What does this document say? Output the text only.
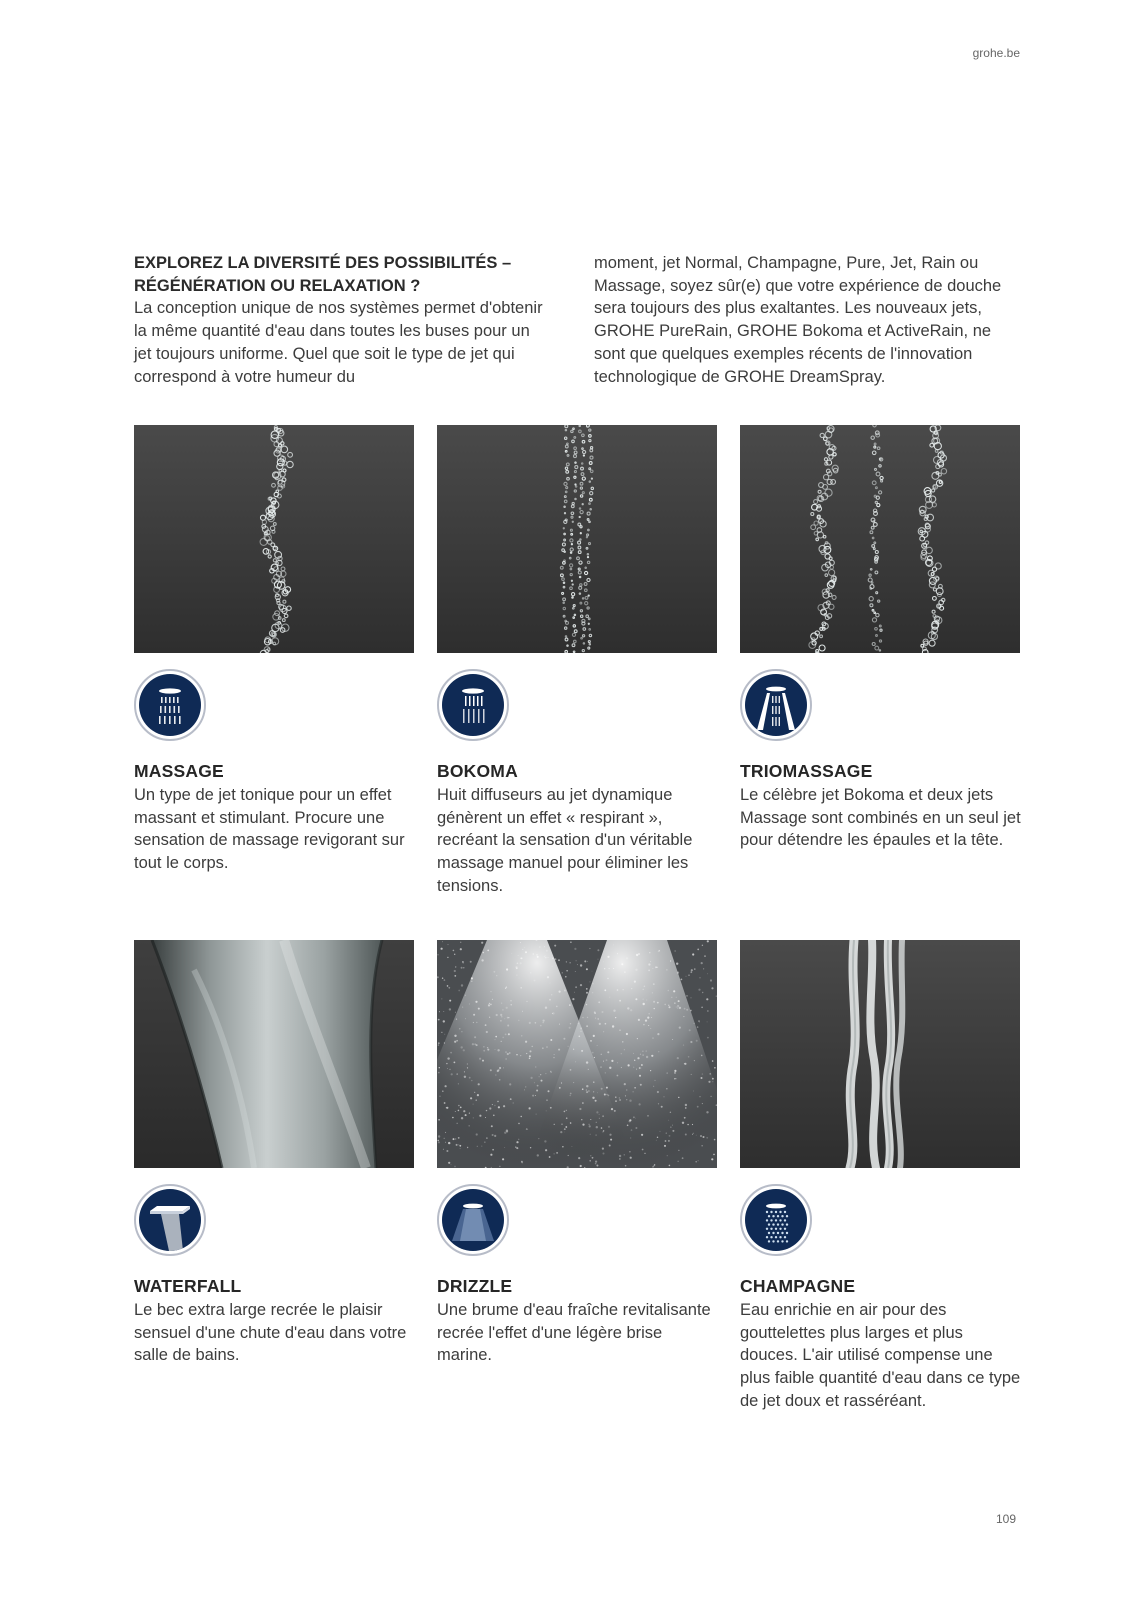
grohe.be
EXPLOREZ LA DIVERSITÉ DES POSSIBILITÉS – RÉGÉNÉRATION OU RELAXATION ?

La conception unique de nos systèmes permet d'obtenir la même quantité d'eau dans toutes les buses pour un jet toujours uniforme. Quel que soit le type de jet qui correspond à votre humeur du

moment, jet Normal, Champagne, Pure, Jet, Rain ou Massage, soyez sûr(e) que votre expérience de douche sera toujours des plus exaltantes. Les nouveaux jets, GROHE PureRain, GROHE Bokoma et ActiveRain, ne sont que quelques exemples récents de l'innovation technologique de GROHE DreamSpray.

MASSAGE
Un type de jet tonique pour un effet massant et stimulant. Procure une sensation de massage revigorant sur tout le corps.
BOKOMA
Huit diffuseurs au jet dynamique génèrent un effet « respirant », recréant la sensation d'un véritable massage manuel pour éliminer les tensions.
TRIOMASSAGE
Le célèbre jet Bokoma et deux jets Massage sont combinés en un seul jet pour détendre les épaules et la tête.
WATERFALL
Le bec extra large recrée le plaisir sensuel d'une chute d'eau dans votre salle de bains.
DRIZZLE
Une brume d'eau fraîche revitalisante recrée l'effet d'une légère brise marine.
CHAMPAGNE
Eau enrichie en air pour des gouttelettes plus larges et plus douces. L'air utilisé compense une plus faible quantité d'eau dans ce type de jet doux et rasséréant.
109
